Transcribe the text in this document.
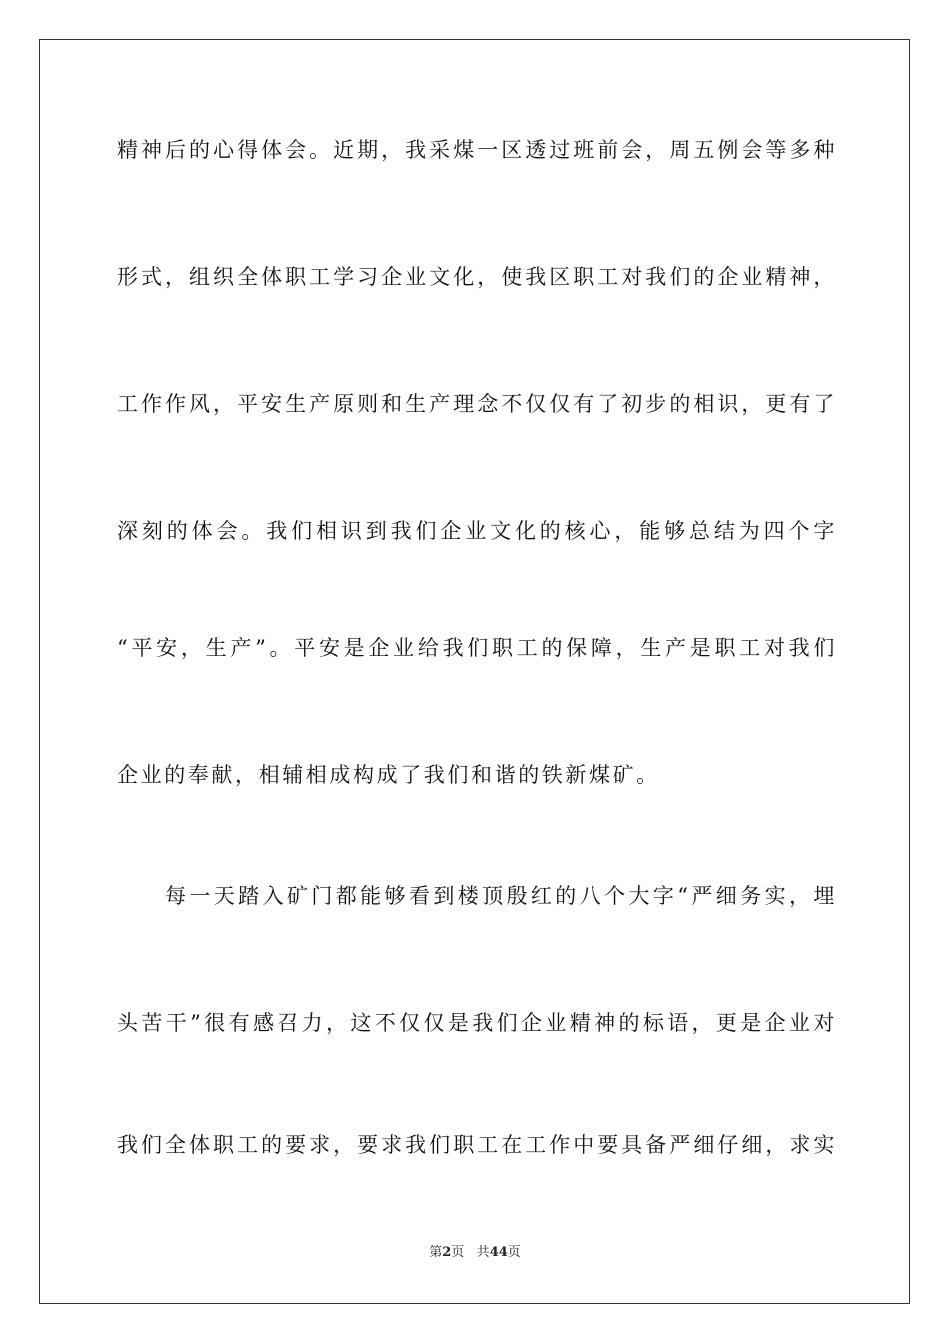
精神后的心得体会。近期，我采煤一区透过班前会，周五例会等多种
形式，组织全体职工学习企业文化，使我区职工对我们的企业精神，
工作作风，平安生产原则和生产理念不仅仅有了初步的相识，更有了
深刻的体会。我们相识到我们企业文化的核心，能够总结为四个字
“平安，生产”。平安是企业给我们职工的保障，生产是职工对我们
企业的奉献，相辅相成构成了我们和谐的铁新煤矿。
每一天踏入矿门都能够看到楼顶殷红的八个大字“严细务实，埋
头苦干”很有感召力，这不仅仅是我们企业精神的标语，更是企业对
我们全体职工的要求，要求我们职工在工作中要具备严细仔细，求实
第2页 共44页
